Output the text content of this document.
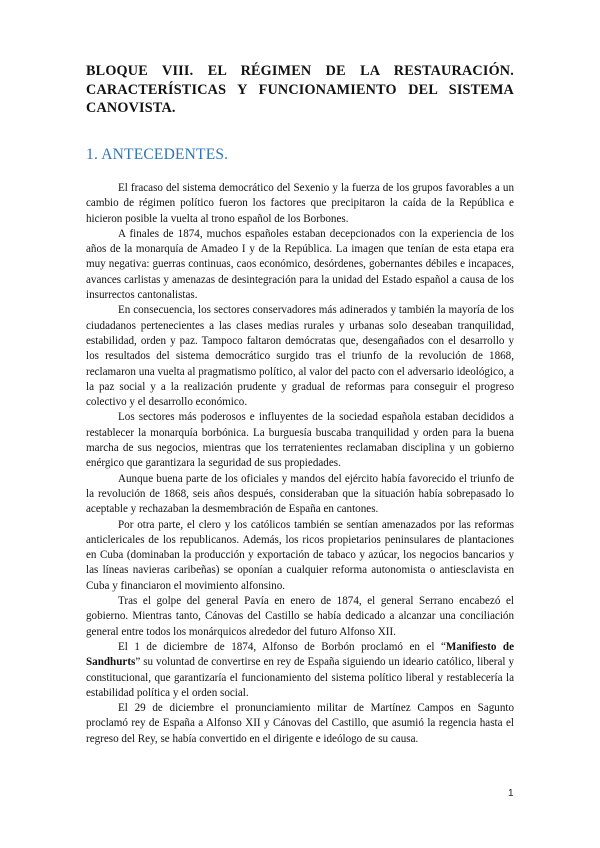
BLOQUE VIII. EL RÉGIMEN DE LA RESTAURACIÓN. CARACTERÍSTICAS Y FUNCIONAMIENTO DEL SISTEMA CANOVISTA.
1. ANTECEDENTES.

El fracaso del sistema democrático del Sexenio y la fuerza de los grupos favorables a un cambio de régimen político fueron los factores que precipitaron la caída de la República e hicieron posible la vuelta al trono español de los Borbones.

A finales de 1874, muchos españoles estaban decepcionados con la experiencia de los años de la monarquía de Amadeo I y de la República. La imagen que tenían de esta etapa era muy negativa: guerras continuas, caos económico, desórdenes, gobernantes débiles e incapaces, avances carlistas y amenazas de desintegración para la unidad del Estado español a causa de los insurrectos cantonalistas.

En consecuencia, los sectores conservadores más adinerados y también la mayoría de los ciudadanos pertenecientes a las clases medias rurales y urbanas solo deseaban tranquilidad, estabilidad, orden y paz. Tampoco faltaron demócratas que, desengañados con el desarrollo y los resultados del sistema democrático surgido tras el triunfo de la revolución de 1868, reclamaron una vuelta al pragmatismo político, al valor del pacto con el adversario ideológico, a la paz social y a la realización prudente y gradual de reformas para conseguir el progreso colectivo y el desarrollo económico.

Los sectores más poderosos e influyentes de la sociedad española estaban decididos a restablecer la monarquía borbónica. La burguesía buscaba tranquilidad y orden para la buena marcha de sus negocios, mientras que los terratenientes reclamaban disciplina y un gobierno enérgico que garantizara la seguridad de sus propiedades.

Aunque buena parte de los oficiales y mandos del ejército había favorecido el triunfo de la revolución de 1868, seis años después, consideraban que la situación había sobrepasado lo aceptable y rechazaban la desmembración de España en cantones.

Por otra parte, el clero y los católicos también se sentían amenazados por las reformas anticlericales de los republicanos. Además, los ricos propietarios peninsulares de plantaciones en Cuba (dominaban la producción y exportación de tabaco y azúcar, los negocios bancarios y las líneas navieras caribeñas) se oponían a cualquier reforma autonomista o antiesclavista en Cuba y financiaron el movimiento alfonsino.

Tras el golpe del general Pavía en enero de 1874, el general Serrano encabezó el gobierno. Mientras tanto, Cánovas del Castillo se había dedicado a alcanzar una conciliación general entre todos los monárquicos alrededor del futuro Alfonso XII.

El 1 de diciembre de 1874, Alfonso de Borbón proclamó en el “Manifiesto de Sandhurts” su voluntad de convertirse en rey de España siguiendo un ideario católico, liberal y constitucional, que garantizaría el funcionamiento del sistema político liberal y restablecería la estabilidad política y el orden social.

El 29 de diciembre el pronunciamiento militar de Martínez Campos en Sagunto proclamó rey de España a Alfonso XII y Cánovas del Castillo, que asumió la regencia hasta el regreso del Rey, se había convertido en el dirigente e ideólogo de su causa.

1
